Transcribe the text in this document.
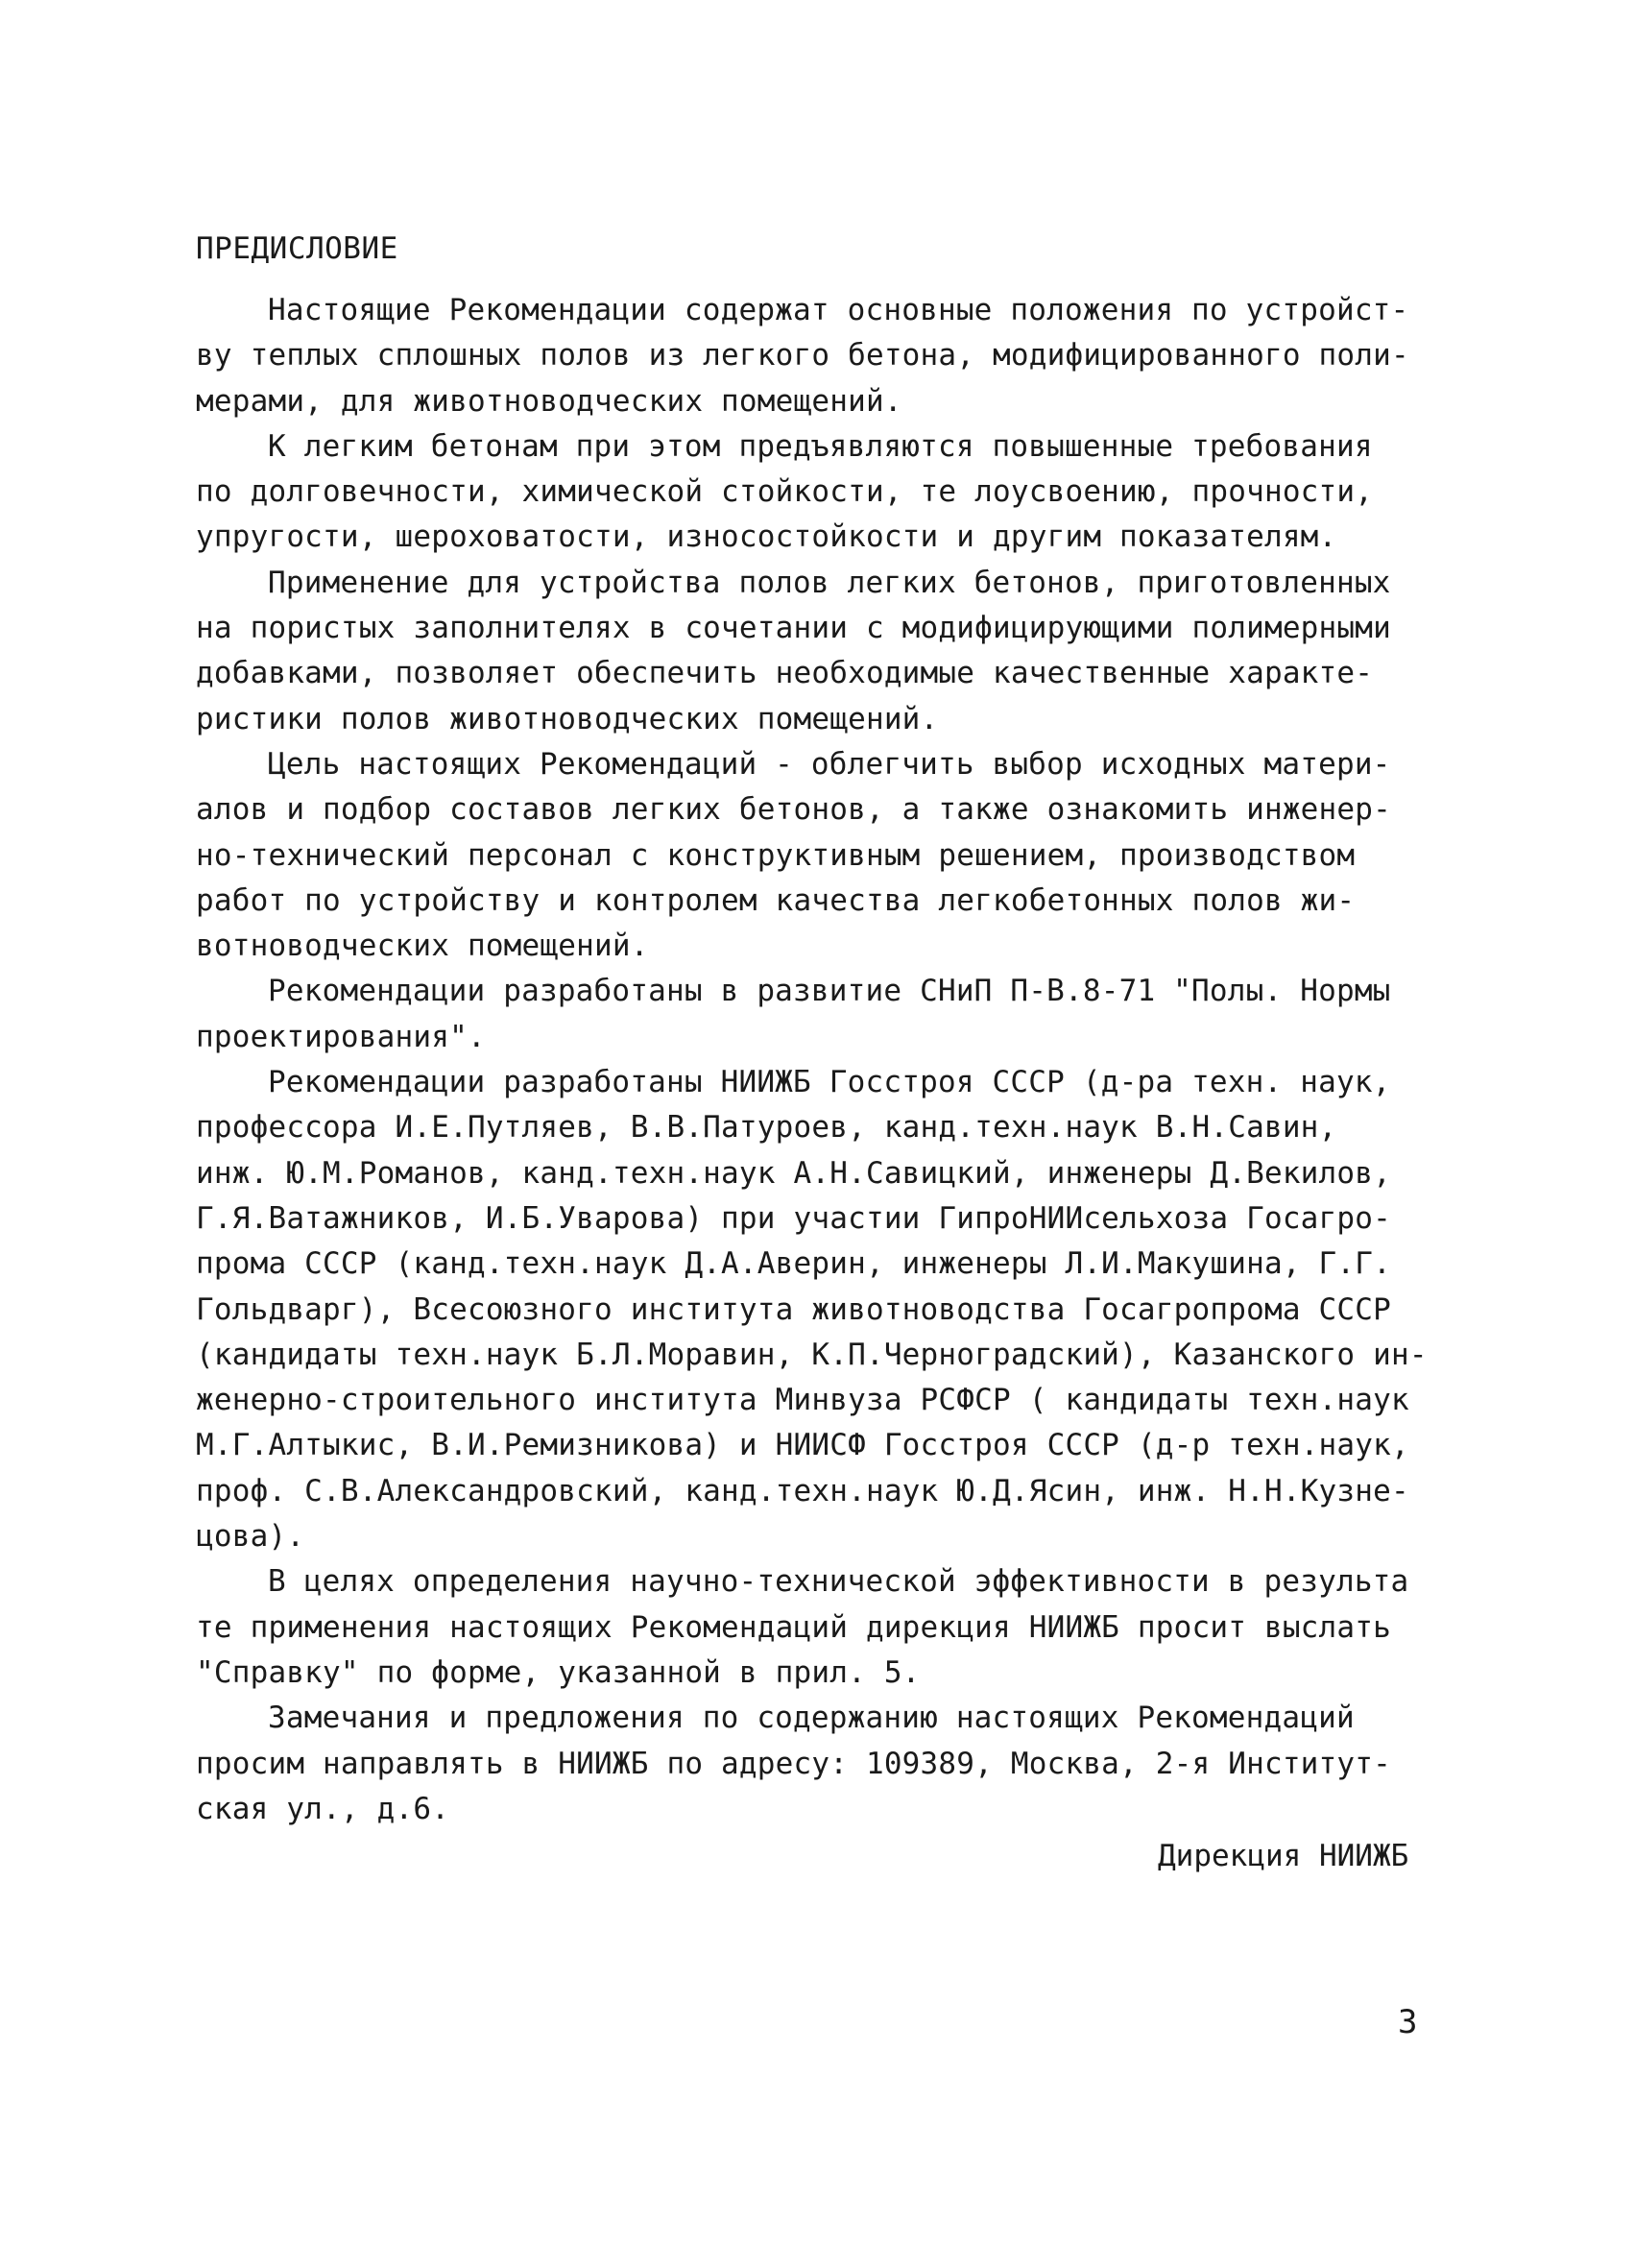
ПРЕДИСЛОВИЕ
Настоящие Рекомендации содержат основные положения по устройст-
ву теплых сплошных полов из легкого бетона, модифицированного поли-
мерами, для животноводческих помещений.
К легким бетонам при этом предъявляются повышенные требования
по долговечности, химической стойкости, те лоусвоению, прочности,
упругости, шероховатости, износостойкости и другим показателям.
Применение для устройства полов легких бетонов, приготовленных
на пористых заполнителях в сочетании с модифицирующими полимерными
добавками, позволяет обеспечить необходимые качественные характе-
ристики полов животноводческих помещений.
Цель настоящих Рекомендаций - облегчить выбор исходных матери-
алов и подбор составов легких бетонов, а также ознакомить инженер-
но-технический персонал с конструктивным решением, производством
работ по устройству и контролем качества легкобетонных полов жи-
вотноводческих помещений.
Рекомендации разработаны в развитие СНиП П-В.8-71 "Полы. Нормы
проектирования".
Рекомендации разработаны НИИЖБ Госстроя СССР (д-ра техн. наук,
профессора И.Е.Путляев, В.В.Патуроев, канд.техн.наук В.Н.Савин,
инж. Ю.М.Романов, канд.техн.наук А.Н.Савицкий, инженеры Д.Векилов,
Г.Я.Ватажников, И.Б.Уварова) при участии ГипроНИИсельхоза Госагро-
прома СССР (канд.техн.наук Д.А.Аверин, инженеры Л.И.Макушина, Г.Г.
Гольдварг), Всесоюзного института животноводства Госагропрома СССР
(кандидаты техн.наук Б.Л.Моравин, К.П.Черноградский), Казанского ин-
женерно-строительного института Минвуза РСФСР ( кандидаты техн.наук
М.Г.Алтыкис, В.И.Ремизникова) и НИИСФ Госстроя СССР (д-р техн.наук,
проф. С.В.Александровский, канд.техн.наук Ю.Д.Ясин, инж. Н.Н.Кузне-
цова).
В целях определения научно-технической эффективности в результа
те применения настоящих Рекомендаций дирекция НИИЖБ просит выслать
"Справку" по форме, указанной в прил. 5.
Замечания и предложения по содержанию настоящих Рекомендаций
просим направлять в НИИЖБ по адресу: 109389, Москва, 2-я Институт-
ская ул., д.6.
Дирекция НИИЖБ
3
